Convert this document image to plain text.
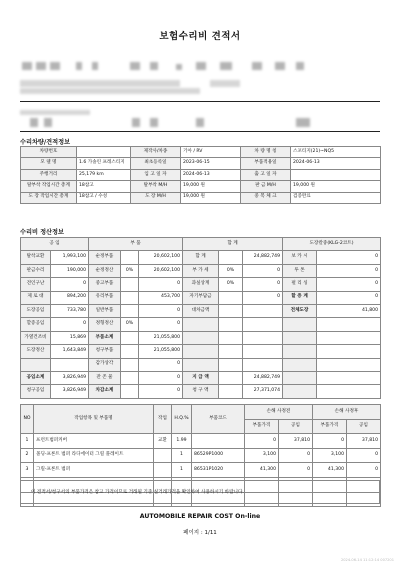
보험수리비 견적서
수리차량/견적정보
차량번호		제작사/차종	기아 / RV	차 량 명 칭	스포티지(21)~NQ5
모 델 명	1.6 가솔린 프레스티지	최초등록일	2023-06-15	부품적용일	2024-06-13
주행거리	25,179 km	입 고 일 자	2024-06-13	출 고 일 자	
탈부착 작업시간 총계	18참고	탈부착 M/H	19,000 원	판 금 M/H	19,000 원
도 장 작업시간 총계	18참고 / 수성	도 장 M/H	19,000 원	중 복 체 크	검증완료
수리비 정산정보
공 임		부 품			합 계			도장칼중(KLG-2코트)	
탈착교환	1,993,100	순정부품		20,602,100	합 계		24,882,749	보 카 시	0
판금수리	190,000	순정정산	0%	20,602,100	부 가 세	0%	0	투 톤	0
견인구난	0	중고부품		0	과실상계	0%	0	펄 리 싱	0
제 로 대	894,200	유리부품		453,700	자기부담금		0	할 증 계	0
도장공임	733,780	일반부품		0	대차금액			전체도장	41,800
할증공임	0	정형정산	0%	0					
가열건조비	15,869	부품소계		21,055,800					
도장정산	1,643,849	청구부품		21,055,800					
		감가상각		0					
공임소계	3,826,949	잔 존 물		0	지 급 액		24,882,749		
청구공임	3,826,949	차감소계		0	청 구 액		27,371,074		
NO	작업항목 및 부품명	작업	H.Q.%	부품코드	손해 사정전		손해 사정후	
					부품가격	공임	부품가격	공임
1	프런트범퍼커버	교환	1.99		0	37,810	0	37,810
2	몰딩-프론트 범퍼 라디에이터 그릴 플레이트		1	86529P1000	3,100	0	3,100	0
3	그릴-프론트 범퍼		1	86531P1020	41,300	0	41,300	0

이 견적서/청구서의 부품가격은 참고 가격이므로 거래될 기준 실거래가격을 확인하여 사용하시기 바랍니다.
AUTOMOBILE REPAIR COST On-line
페이지 : 1/11
2024-06-14 11:12:14 007201
